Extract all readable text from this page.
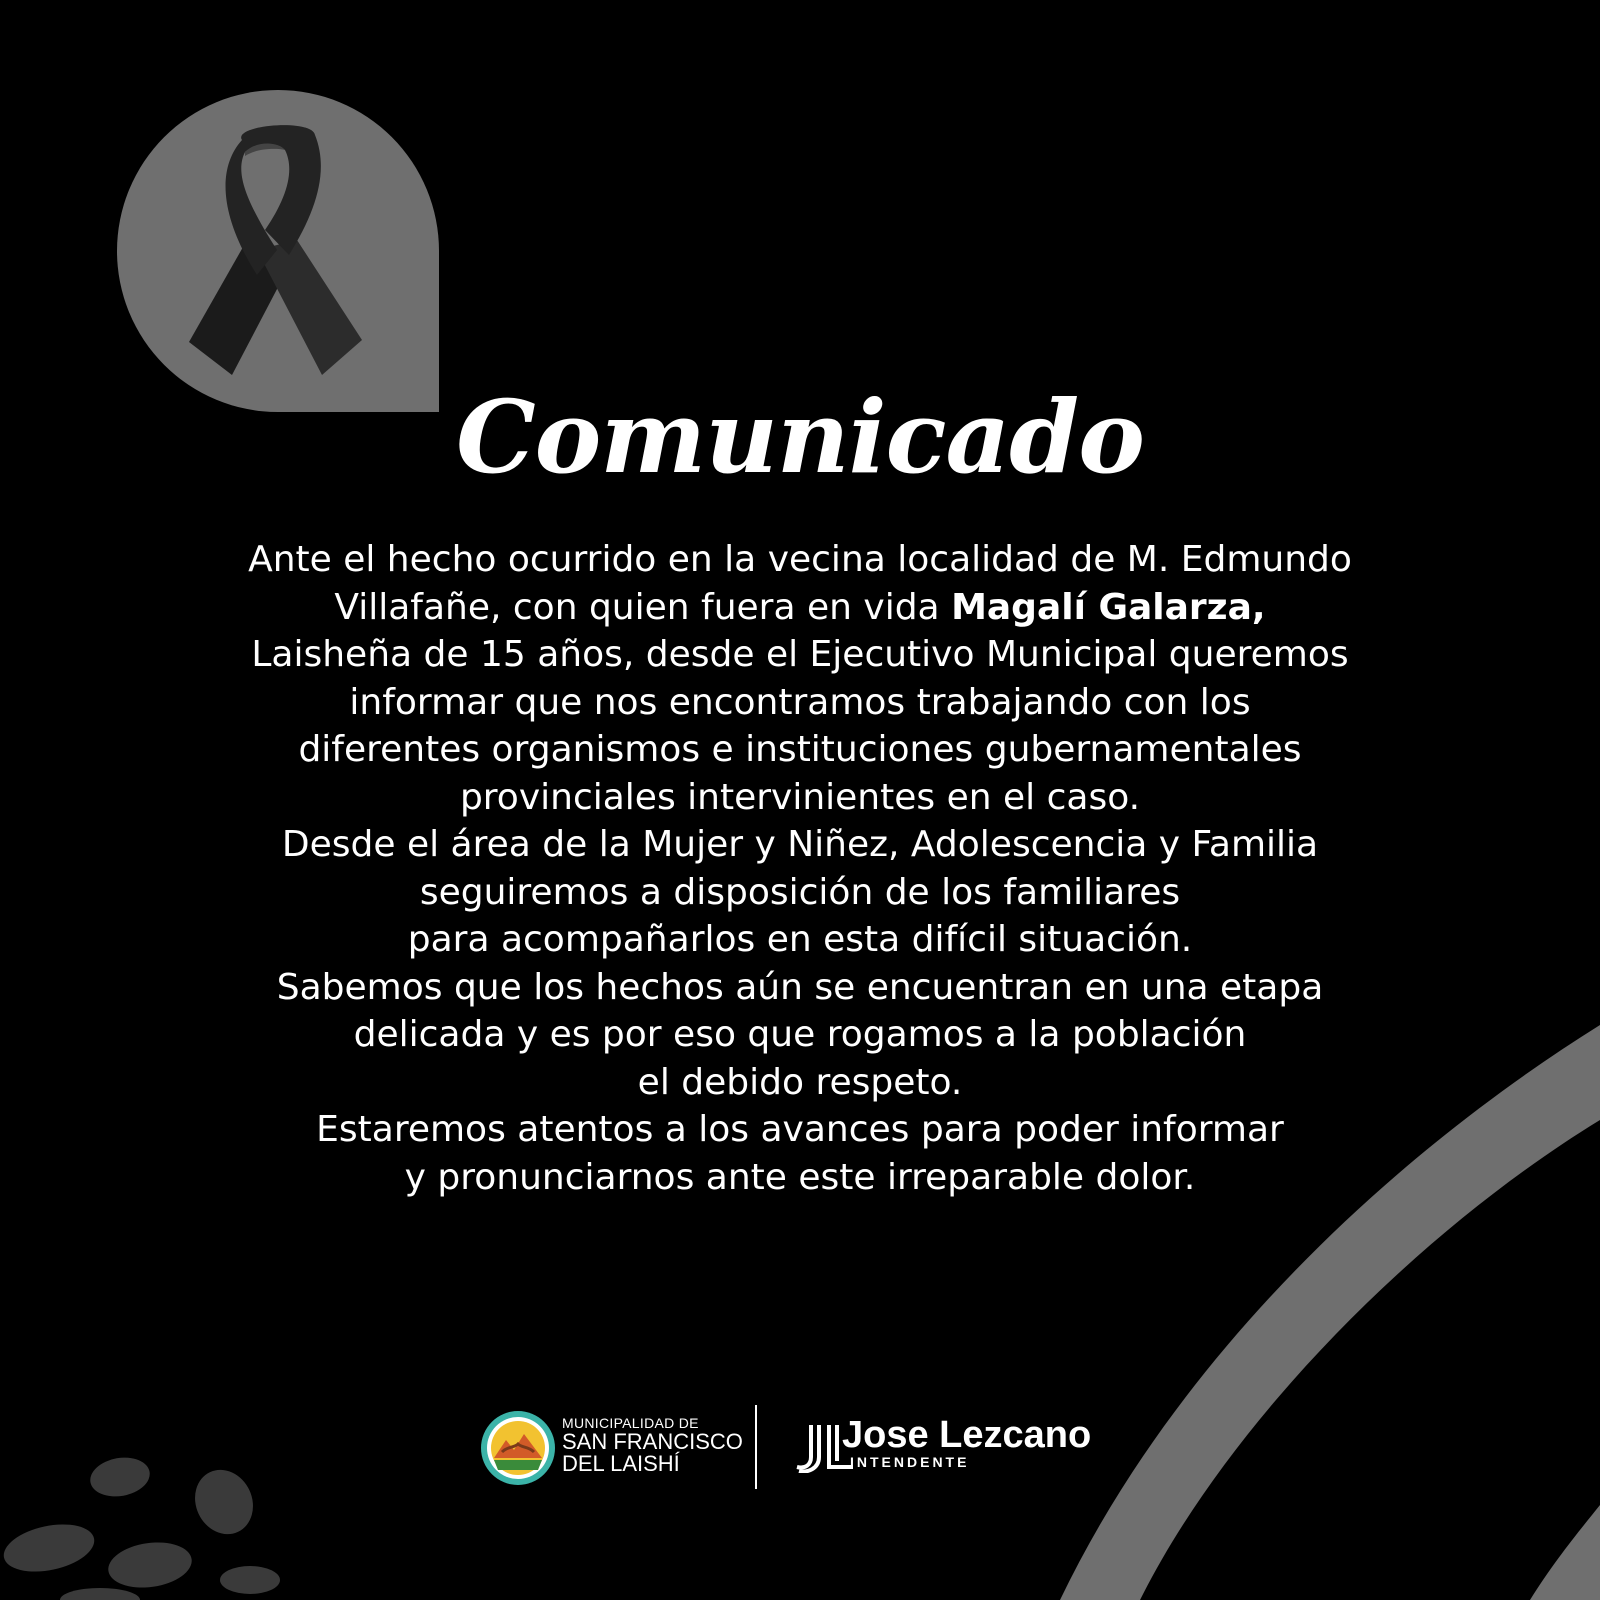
Comunicado
Ante el hecho ocurrido en la vecina localidad de M. Edmundo
Villafañe, con quien fuera en vida Magalí Galarza,
Laisheña de 15 años, desde el Ejecutivo Municipal queremos
informar que nos encontramos trabajando con los
diferentes organismos e instituciones gubernamentales
provinciales intervinientes en el caso.
Desde el área de la Mujer y Niñez, Adolescencia y Familia
seguiremos a disposición de los familiares
para acompañarlos en esta difícil situación.
Sabemos que los hechos aún se encuentran en una etapa
delicada y es por eso que rogamos a la población
el debido respeto.
Estaremos atentos a los avances para poder informar
y pronunciarnos ante este irreparable dolor.
MUNICIPALIDAD DE
SAN FRANCISCO
DEL LAISHÍ
Jose Lezcano
INTENDENTE
